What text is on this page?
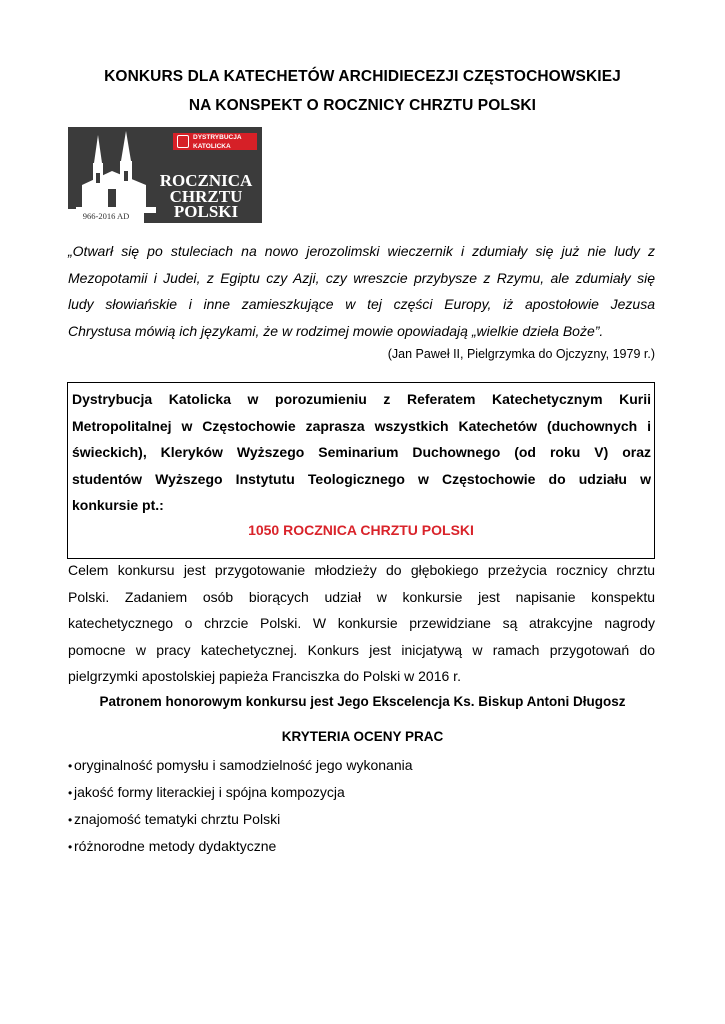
KONKURS DLA KATECHETÓW ARCHIDIECEZJI CZĘSTOCHOWSKIEJ
NA KONSPEKT O ROCZNICY CHRZTU POLSKI
DYSTRYBUCJA
KATOLICKA
ROCZNICA
CHRZTU
POLSKI
966-2016 AD
„Otwarł się po stuleciach na nowo jerozolimski wieczernik i zdumiały się już nie ludy z
Mezopotamii i Judei, z Egiptu czy Azji, czy wreszcie przybysze z Rzymu, ale zdumiały się
ludy słowiańskie i inne zamieszkujące w tej części Europy, iż apostołowie Jezusa
Chrystusa mówią ich językami, że w rodzimej mowie opowiadają „wielkie dzieła Boże”.
(Jan Paweł II, Pielgrzymka do Ojczyzny, 1979 r.)
Dystrybucja Katolicka w porozumieniu z Referatem Katechetycznym Kurii
Metropolitalnej w Częstochowie zaprasza wszystkich Katechetów (duchownych i
świeckich), Kleryków Wyższego Seminarium Duchownego (od roku V) oraz
studentów Wyższego Instytutu Teologicznego w Częstochowie do udziału w
konkursie pt.:
1050 ROCZNICA CHRZTU POLSKI
Celem konkursu jest przygotowanie młodzieży do głębokiego przeżycia rocznicy chrztu
Polski. Zadaniem osób biorących udział w konkursie jest napisanie konspektu
katechetycznego o chrzcie Polski. W konkursie przewidziane są atrakcyjne nagrody
pomocne w pracy katechetycznej. Konkurs jest inicjatywą w ramach przygotowań do
pielgrzymki apostolskiej papieża Franciszka do Polski w 2016 r.
Patronem honorowym konkursu jest Jego Ekscelencja Ks. Biskup Antoni Długosz
KRYTERIA OCENY PRAC
• oryginalność pomysłu i samodzielność jego wykonania
• jakość formy literackiej i spójna kompozycja
• znajomość tematyki chrztu Polski
• różnorodne metody dydaktyczne
